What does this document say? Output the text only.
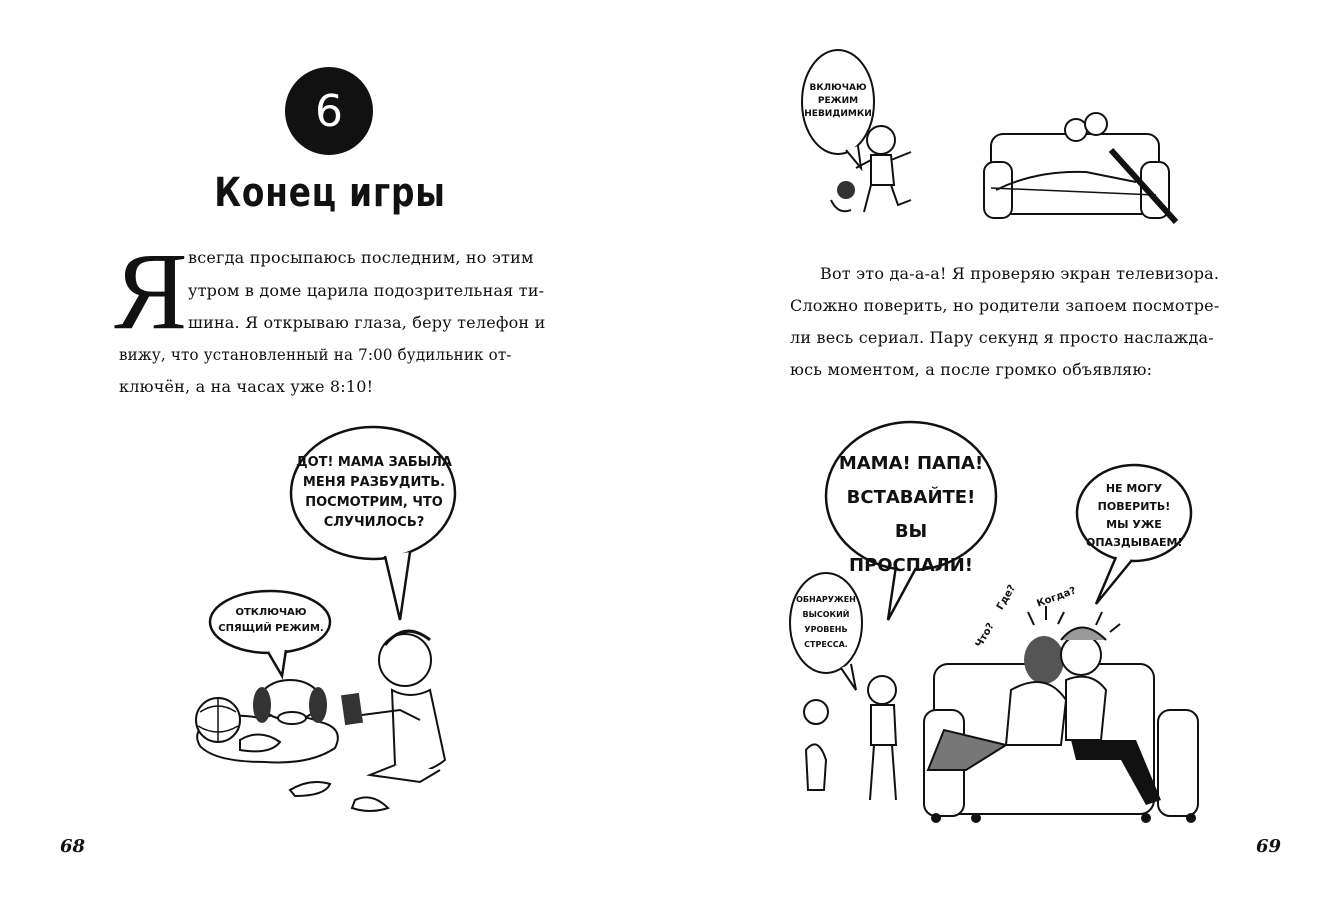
6
Конец игры
Я всегда просыпаюсь последним, но этим
утром в доме царила подозрительная ти-
шина. Я открываю глаза, беру телефон и
вижу, что установленный на 7:00 будильник от-
ключён, а на часах уже 8:10!
ДОТ! МАМА ЗАБЫЛА
МЕНЯ РАЗБУДИТЬ.
ПОСМОТРИМ, ЧТО
СЛУЧИЛОСЬ?
ОТКЛЮЧАЮ
СПЯЩИЙ РЕЖИМ.
68
ВКЛЮЧАЮ
РЕЖИМ
НЕВИДИМКИ
Вот это да-а-а! Я проверяю экран телевизора.
Сложно поверить, но родители запоем посмотре-
ли весь сериал. Пару секунд я просто наслажда-
юсь моментом, а после громко объявляю:
МАМА! ПАПА!
ВСТАВАЙТЕ!
ВЫ ПРОСПАЛИ!
НЕ МОГУ
ПОВЕРИТЬ!
МЫ УЖЕ
ОПАЗДЫВАЕМ!
ОБНАРУЖЕН
ВЫСОКИЙ
УРОВЕНЬ
СТРЕССА.
Где? Когда?
Что?
69
